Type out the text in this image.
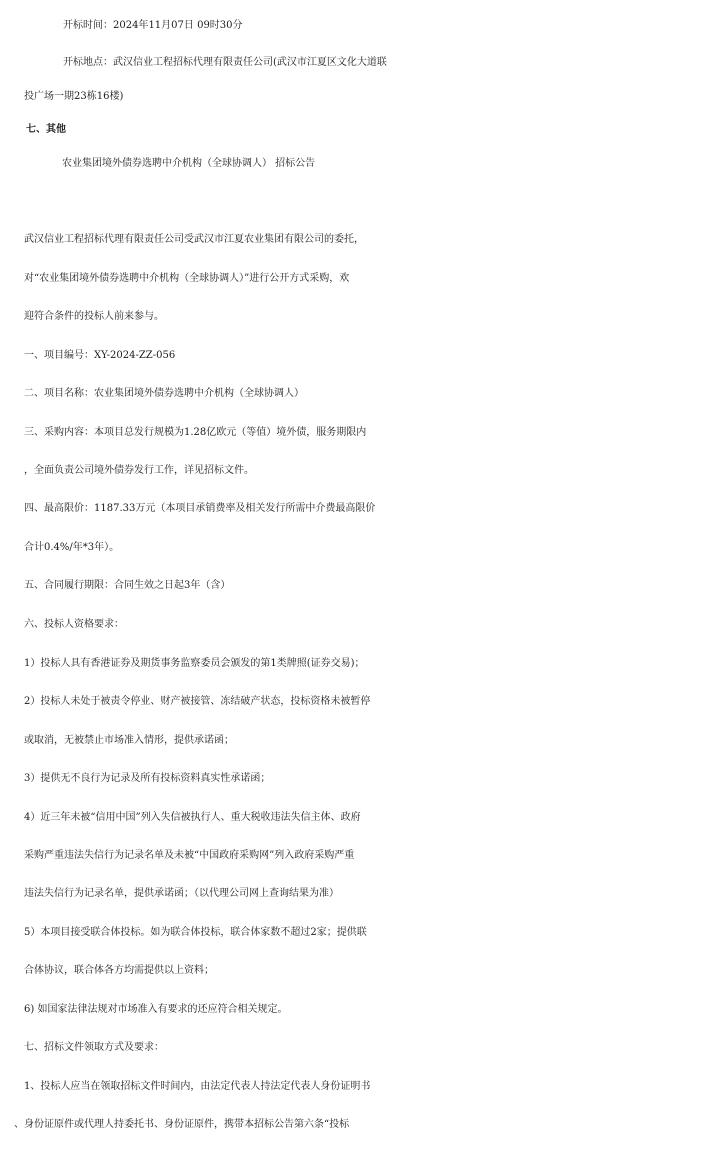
开标时间：2024年11月07日 09时30分
开标地点：武汉信业工程招标代理有限责任公司(武汉市江夏区文化大道联
投广场一期23栋16楼)
七、其他
农业集团境外债券选聘中介机构（全球协调人） 招标公告
武汉信业工程招标代理有限责任公司受武汉市江夏农业集团有限公司的委托，
对“农业集团境外债券选聘中介机构（全球协调人）”进行公开方式采购，欢
迎符合条件的投标人前来参与。
一、项目编号：XY-2024-ZZ-056
二、项目名称：农业集团境外债券选聘中介机构（全球协调人）
三、采购内容：本项目总发行规模为1.28亿欧元（等值）境外债，服务期限内
，全面负责公司境外债券发行工作，详见招标文件。
四、最高限价：1187.33万元（本项目承销费率及相关发行所需中介费最高限价
合计0.4%/年*3年）。
五、合同履行期限：合同生效之日起3年（含）
六、投标人资格要求：
1）投标人具有香港证券及期货事务监察委员会颁发的第1类牌照(证券交易)；
2）投标人未处于被责令停业、财产被接管、冻结破产状态，投标资格未被暂停
或取消，无被禁止市场准入情形，提供承诺函；
3）提供无不良行为记录及所有投标资料真实性承诺函；
4）近三年未被“信用中国”列入失信被执行人、重大税收违法失信主体、政府
采购严重违法失信行为记录名单及未被“中国政府采购网”列入政府采购严重
违法失信行为记录名单，提供承诺函；（以代理公司网上查询结果为准）
5）本项目接受联合体投标。如为联合体投标，联合体家数不超过2家；提供联
合体协议，联合体各方均需提供以上资料；
6) 如国家法律法规对市场准入有要求的还应符合相关规定。
七、招标文件领取方式及要求：
1、投标人应当在领取招标文件时间内，由法定代表人持法定代表人身份证明书
、身份证原件或代理人持委托书、身份证原件，携带本招标公告第六条“投标
